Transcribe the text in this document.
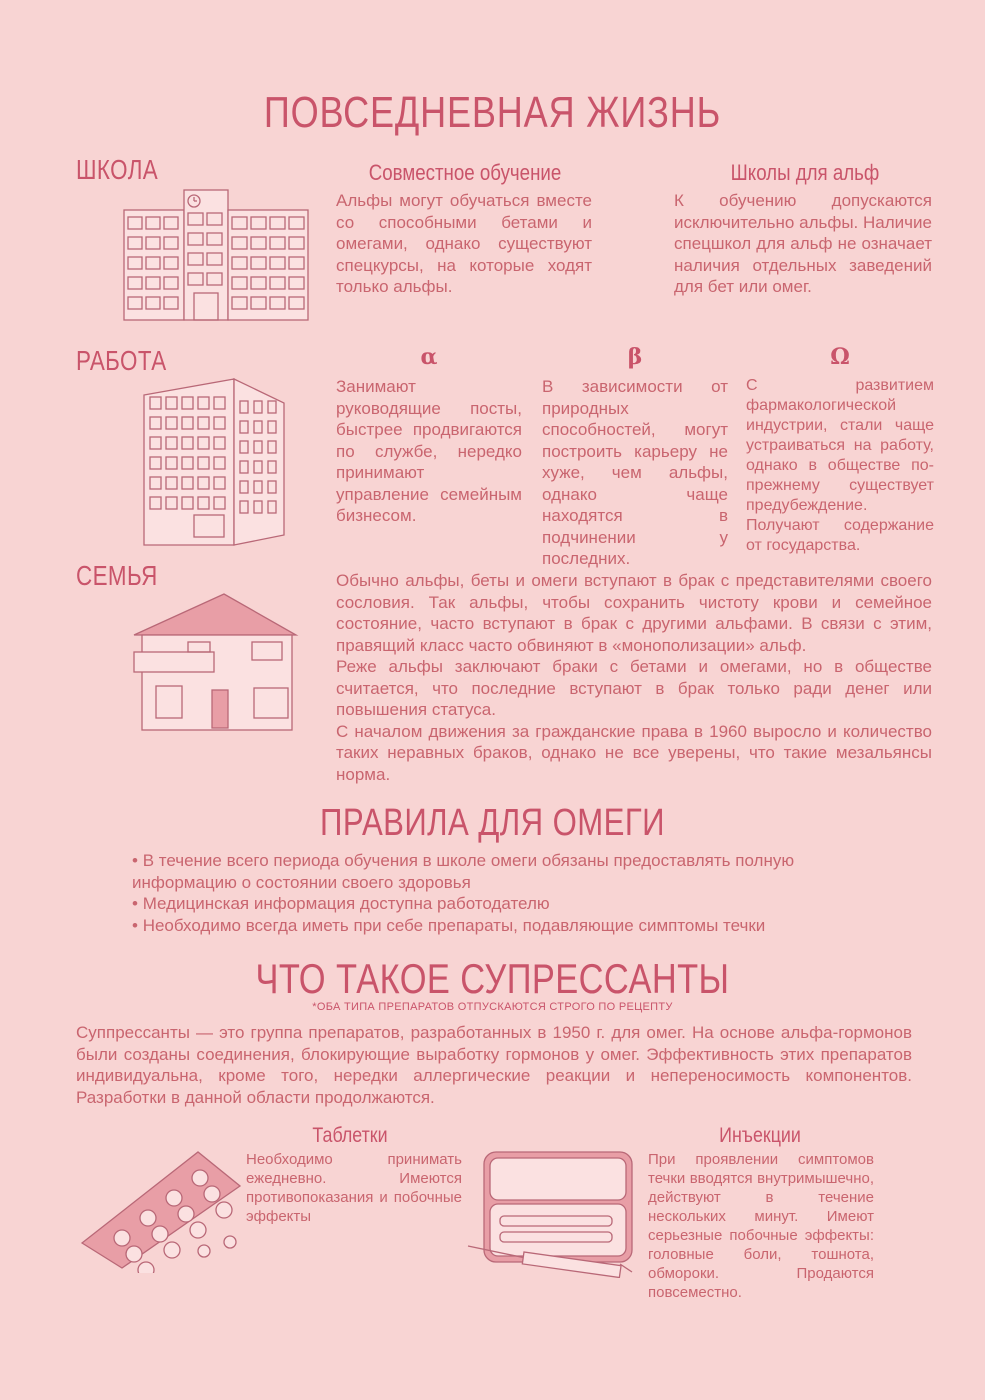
ПОВСЕДНЕВНАЯ ЖИЗНЬ
ШКОЛА	Совместное обучение
Альфы могут обучаться вместе со способными бетами и омегами, однако существуют спецкурсы, на которые ходят только альфы.
Школы для альф
К обучению допускаются исключительно альфы. Наличие спецшкол для альф не означает наличия отдельных заведений для бет или омег.
РАБОТА	α
Занимают руководящие посты, быстрее продвигаются по службе, нередко принимают управление семейным бизнесом.
β
В зависимости от природных способностей, могут построить карьеру не хуже, чем альфы, однако чаще находятся в подчинении у последних.
Ω
С развитием фармакологической индустрии, стали чаще устраиваться на работу, однако в обществе по-прежнему существует предубеждение. Получают содержание от государства.
СЕМЬЯ	Обычно альфы, беты и омеги вступают в брак с представителями своего сословия. Так альфы, чтобы сохранить чистоту крови и семейное состояние, часто вступают в брак с другими альфами. В связи с этим, правящий класс часто обвиняют в «монополизации» альф.
Реже альфы заключают браки с бетами и омегами, но в обществе считается, что последние вступают в брак только ради денег или повышения статуса.
С началом движения за гражданские права в 1960 выросло и количество таких неравных браков, однако не все уверены, что такие мезальянсы норма.
ПРАВИЛА ДЛЯ ОМЕГИ
• В течение всего периода обучения в школе омеги обязаны предоставлять полную информацию о состоянии своего здоровья
• Медицинская информация доступна работодателю
• Необходимо всегда иметь при себе препараты, подавляющие симптомы течки
ЧТО ТАКОЕ СУПРЕССАНТЫ
*ОБА ТИПА ПРЕПАРАТОВ ОТПУСКАЮТСЯ СТРОГО ПО РЕЦЕПТУ
Суппрессанты — это группа препаратов, разработанных в 1950 г. для омег. На основе альфа-гормонов были созданы соединения, блокирующие выработку гормонов у омег. Эффективность этих препаратов индивидуальна, кроме того, нередки аллергические реакции и непереносимость компонентов. Разработки в данной области продолжаются.
Таблетки
Необходимо принимать ежедневно. Имеются противопоказания и побочные эффекты
Инъекции
При проявлении симптомов течки вводятся внутримышечно, действуют в течение нескольких минут. Имеют серьезные побочные эффекты: головные боли, тошнота, обмороки. Продаются повсеместно.
